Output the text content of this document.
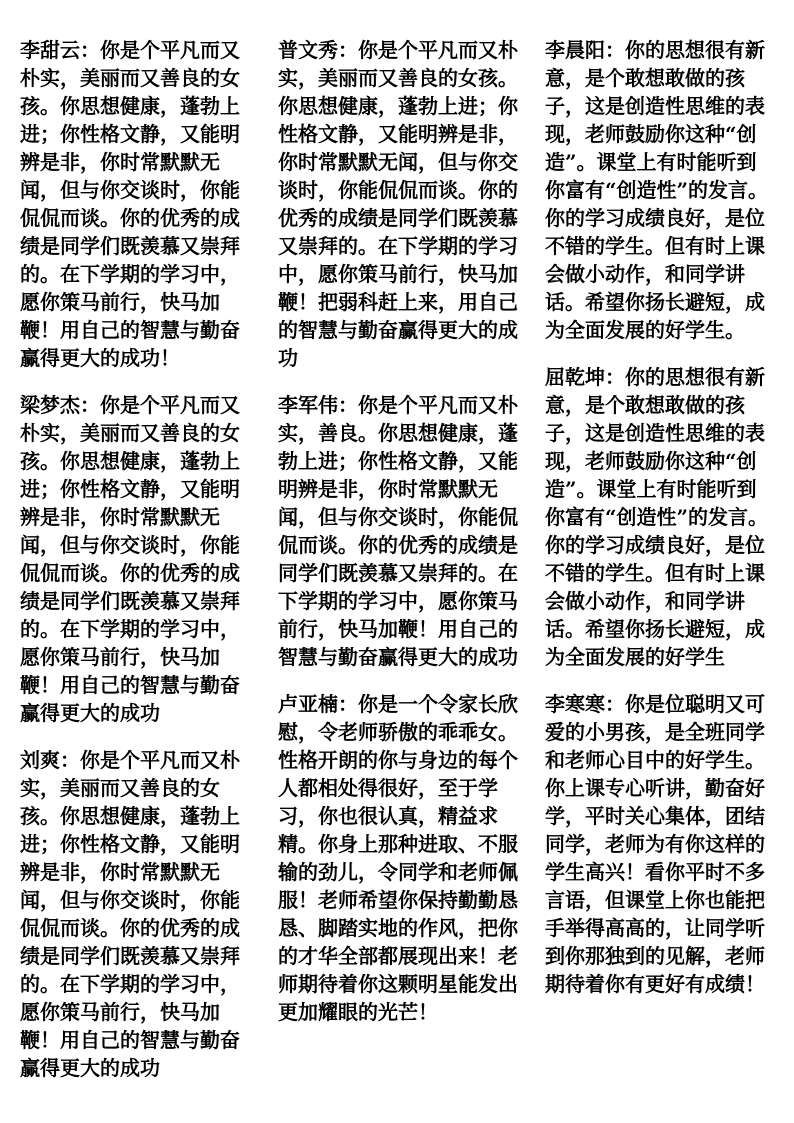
李甜云：你是个平凡而又
朴实，美丽而又善良的女
孩。你思想健康，蓬勃上
进；你性格文静，又能明
辨是非，你时常默默无
闻，但与你交谈时，你能
侃侃而谈。你的优秀的成
绩是同学们既羡慕又崇拜
的。在下学期的学习中，
愿你策马前行，快马加
鞭！用自己的智慧与勤奋
赢得更大的成功！
梁梦杰：你是个平凡而又
朴实，美丽而又善良的女
孩。你思想健康，蓬勃上
进；你性格文静，又能明
辨是非，你时常默默无
闻，但与你交谈时，你能
侃侃而谈。你的优秀的成
绩是同学们既羡慕又崇拜
的。在下学期的学习中，
愿你策马前行，快马加
鞭！用自己的智慧与勤奋
赢得更大的成功
刘爽：你是个平凡而又朴
实，美丽而又善良的女
孩。你思想健康，蓬勃上
进；你性格文静，又能明
辨是非，你时常默默无
闻，但与你交谈时，你能
侃侃而谈。你的优秀的成
绩是同学们既羡慕又崇拜
的。在下学期的学习中，
愿你策马前行，快马加
鞭！用自己的智慧与勤奋
赢得更大的成功
普文秀：你是个平凡而又朴
实，美丽而又善良的女孩。
你思想健康，蓬勃上进；你
性格文静，又能明辨是非，
你时常默默无闻，但与你交
谈时，你能侃侃而谈。你的
优秀的成绩是同学们既羡慕
又崇拜的。在下学期的学习
中，愿你策马前行，快马加
鞭！把弱科赶上来，用自己
的智慧与勤奋赢得更大的成
功
李军伟：你是个平凡而又朴
实，善良。你思想健康，蓬
勃上进；你性格文静，又能
明辨是非，你时常默默无
闻，但与你交谈时，你能侃
侃而谈。你的优秀的成绩是
同学们既羡慕又崇拜的。在
下学期的学习中，愿你策马
前行，快马加鞭！用自己的
智慧与勤奋赢得更大的成功
卢亚楠：你是一个令家长欣
慰，令老师骄傲的乖乖女。
性格开朗的你与身边的每个
人都相处得很好，至于学
习，你也很认真，精益求
精。你身上那种进取、不服
输的劲儿，令同学和老师佩
服！老师希望你保持勤勤恳
恳、脚踏实地的作风，把你
的才华全部都展现出来！老
师期待着你这颗明星能发出
更加耀眼的光芒！
李晨阳：你的思想很有新
意，是个敢想敢做的孩
子，这是创造性思维的表
现，老师鼓励你这种“创
造”。课堂上有时能听到
你富有“创造性”的发言。
你的学习成绩良好，是位
不错的学生。但有时上课
会做小动作，和同学讲
话。希望你扬长避短，成
为全面发展的好学生。
屈乾坤：你的思想很有新
意，是个敢想敢做的孩
子，这是创造性思维的表
现，老师鼓励你这种“创
造”。课堂上有时能听到
你富有“创造性”的发言。
你的学习成绩良好，是位
不错的学生。但有时上课
会做小动作，和同学讲
话。希望你扬长避短，成
为全面发展的好学生
李寒寒：你是位聪明又可
爱的小男孩，是全班同学
和老师心目中的好学生。
你上课专心听讲，勤奋好
学，平时关心集体，团结
同学，老师为有你这样的
学生高兴！看你平时不多
言语，但课堂上你也能把
手举得高高的，让同学听
到你那独到的见解，老师
期待着你有更好有成绩！
